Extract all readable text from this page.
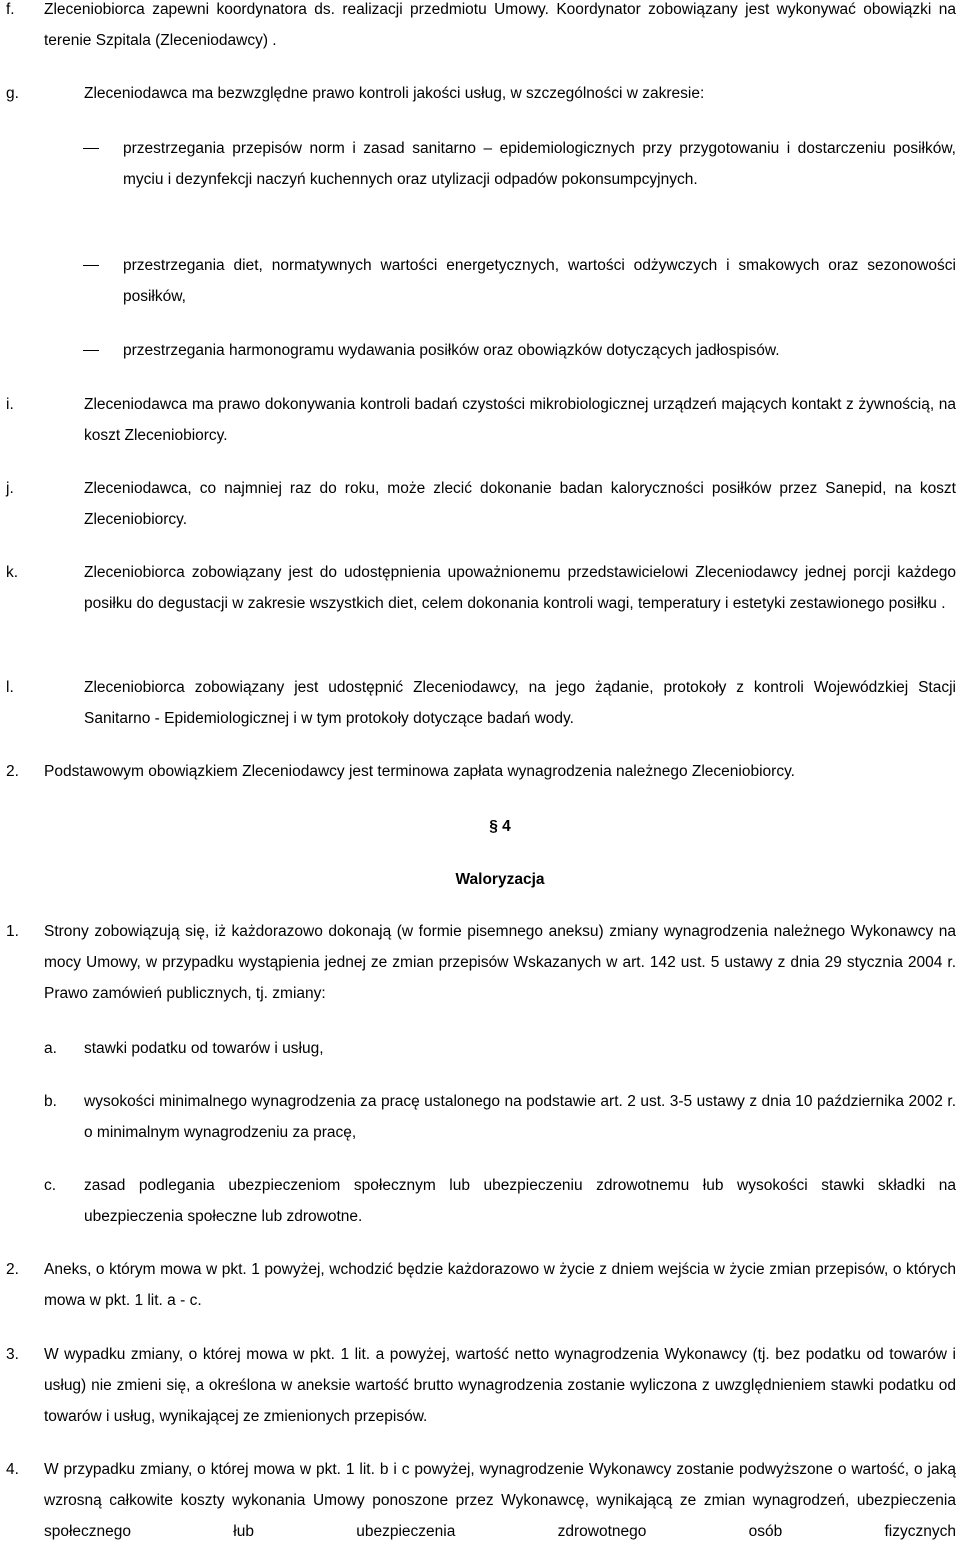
f. Zleceniobiorca zapewni koordynatora ds. realizacji przedmiotu Umowy. Koordynator zobowiązany jest wykonywać obowiązki na terenie Szpitala (Zleceniodawcy) .
g.	Zleceniodawca ma bezwzględne prawo kontroli jakości usług, w szczególności w zakresie:
przestrzegania przepisów norm i zasad sanitarno – epidemiologicznych przy przygotowaniu i dostarczeniu posiłków, myciu i dezynfekcji naczyń kuchennych oraz utylizacji odpadów pokonsumpcyjnych.
przestrzegania diet, normatywnych wartości energetycznych, wartości odżywczych i smakowych oraz sezonowości posiłków,
przestrzegania harmonogramu wydawania posiłków oraz obowiązków dotyczących jadłospisów.
i.	Zleceniodawca ma prawo dokonywania kontroli badań czystości mikrobiologicznej urządzeń mających kontakt z żywnością, na koszt Zleceniobiorcy.
j.	Zleceniodawca, co najmniej raz do roku, może zlecić dokonanie badan kaloryczności posiłków przez Sanepid, na koszt Zleceniobiorcy.
k.	Zleceniobiorca zobowiązany jest do udostępnienia upoważnionemu przedstawicielowi Zleceniodawcy jednej porcji każdego posiłku do degustacji w zakresie wszystkich diet, celem dokonania kontroli wagi, temperatury i estetyki zestawionego posiłku .
l.	Zleceniobiorca zobowiązany jest udostępnić Zleceniodawcy, na jego żądanie, protokoły z kontroli Wojewódzkiej Stacji Sanitarno - Epidemiologicznej i w tym protokoły dotyczące badań wody.
2. Podstawowym obowiązkiem Zleceniodawcy jest terminowa zapłata wynagrodzenia należnego Zleceniobiorcy.
§ 4
Waloryzacja
1. Strony zobowiązują się, iż każdorazowo dokonają (w formie pisemnego aneksu) zmiany wynagrodzenia należnego Wykonawcy na mocy Umowy, w przypadku wystąpienia jednej ze zmian przepisów Wskazanych w art. 142 ust. 5 ustawy z dnia 29 stycznia 2004 r. Prawo zamówień publicznych, tj. zmiany:
a. stawki podatku od towarów i usług,
b. wysokości minimalnego wynagrodzenia za pracę ustalonego na podstawie art. 2 ust. 3-5 ustawy z dnia 10 października 2002 r. o minimalnym wynagrodzeniu za pracę,
c. zasad podlegania ubezpieczeniom społecznym lub ubezpieczeniu zdrowotnemu łub wysokości stawki składki na ubezpieczenia społeczne lub zdrowotne.
2. Aneks, o którym mowa w pkt. 1 powyżej, wchodzić będzie każdorazowo w życie z dniem wejścia w życie zmian przepisów, o których mowa w pkt. 1 lit. a - c.
3. W wypadku zmiany, o której mowa w pkt. 1 lit. a powyżej, wartość netto wynagrodzenia Wykonawcy (tj. bez podatku od towarów i usług) nie zmieni się, a określona w aneksie wartość brutto wynagrodzenia zostanie wyliczona z uwzględnieniem stawki podatku od towarów i usług, wynikającej ze zmienionych przepisów.
4. W przypadku zmiany, o której mowa w pkt. 1 lit. b i c powyżej, wynagrodzenie Wykonawcy zostanie podwyższone o wartość, o jaką wzrosną całkowite koszty wykonania Umowy ponoszone przez Wykonawcę, wynikającą ze zmian wynagrodzeń, ubezpieczenia społecznego łub ubezpieczenia zdrowotnego osób fizycznych
